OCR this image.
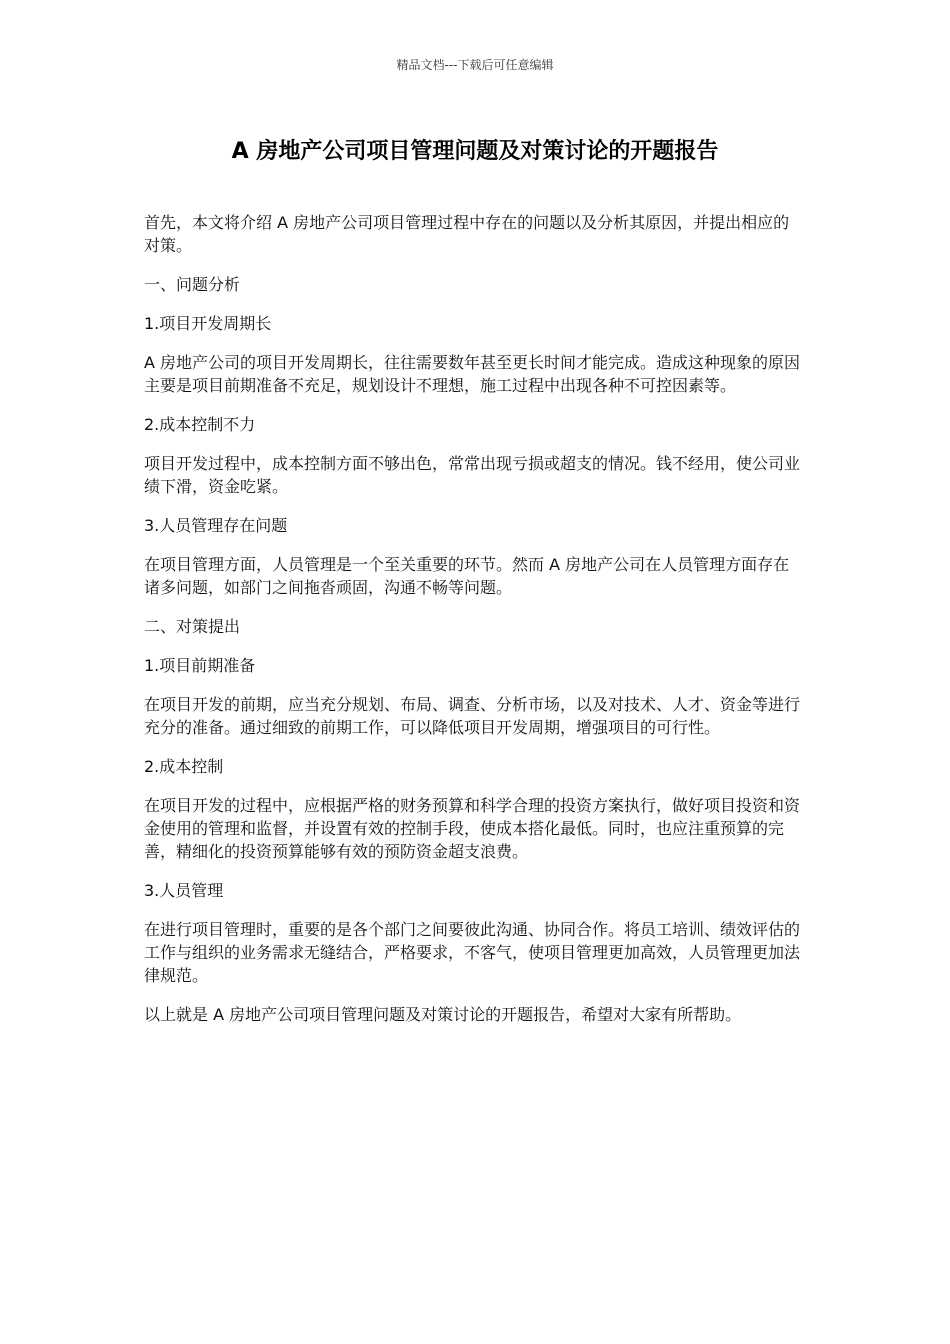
精品文档---下载后可任意编辑
A 房地产公司项目管理问题及对策讨论的开题报告

首先，本文将介绍 A 房地产公司项目管理过程中存在的问题以及分析其原因，并提出相应的对策。

一、问题分析

1.项目开发周期长

A 房地产公司的项目开发周期长，往往需要数年甚至更长时间才能完成。造成这种现象的原因主要是项目前期准备不充足，规划设计不理想，施工过程中出现各种不可控因素等。

2.成本控制不力

项目开发过程中，成本控制方面不够出色，常常出现亏损或超支的情况。钱不经用，使公司业绩下滑，资金吃紧。

3.人员管理存在问题

在项目管理方面，人员管理是一个至关重要的环节。然而 A 房地产公司在人员管理方面存在诸多问题，如部门之间拖沓顽固，沟通不畅等问题。

二、对策提出

1.项目前期准备

在项目开发的前期，应当充分规划、布局、调查、分析市场，以及对技术、人才、资金等进行充分的准备。通过细致的前期工作，可以降低项目开发周期，增强项目的可行性。

2.成本控制

在项目开发的过程中，应根据严格的财务预算和科学合理的投资方案执行，做好项目投资和资金使用的管理和监督，并设置有效的控制手段，使成本搭化最低。同时，也应注重预算的完善，精细化的投资预算能够有效的预防资金超支浪费。

3.人员管理

在进行项目管理时，重要的是各个部门之间要彼此沟通、协同合作。将员工培训、绩效评估的工作与组织的业务需求无缝结合，严格要求，不客气，使项目管理更加高效，人员管理更加法律规范。

以上就是 A 房地产公司项目管理问题及对策讨论的开题报告，希望对大家有所帮助。
